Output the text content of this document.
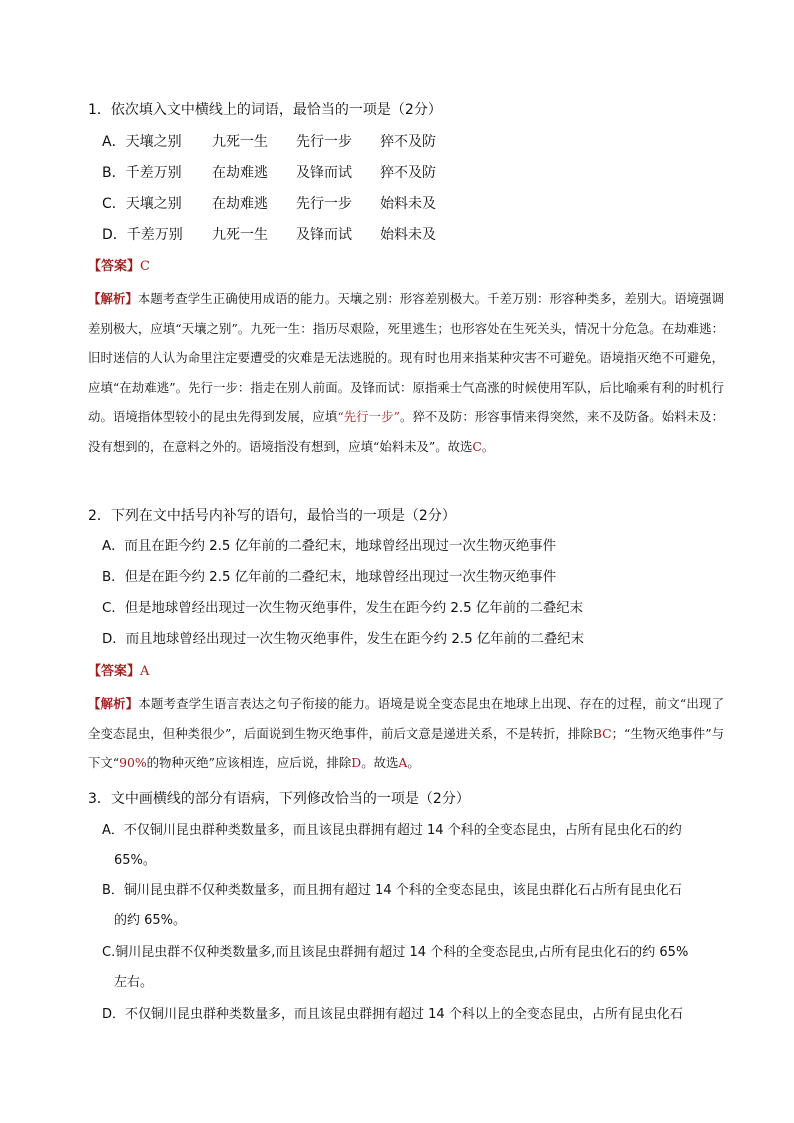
1．依次填入文中横线上的词语，最恰当的一项是（2分）
A．天壤之别	九死一生	先行一步	猝不及防
B．千差万别	在劫难逃	及锋而试	猝不及防
C．天壤之别	在劫难逃	先行一步	始料未及
D．千差万别	九死一生	及锋而试	始料未及
【答案】C
【解析】本题考查学生正确使用成语的能力。天壤之别：形容差别极大。千差万别：形容种类多，差别大。语境强调差别极大，应填“天壤之别”。九死一生：指历尽艰险，死里逃生；也形容处在生死关头，情况十分危急。在劫难逃：旧时迷信的人认为命里注定要遭受的灾难是无法逃脱的。现有时也用来指某种灾害不可避免。语境指灭绝不可避免，应填“在劫难逃”。先行一步：指走在别人前面。及锋而试：原指乘士气高涨的时候使用军队，后比喻乘有利的时机行动。语境指体型较小的昆虫先得到发展，应填“先行一步”。猝不及防：形容事情来得突然，来不及防备。始料未及：没有想到的，在意料之外的。语境指没有想到，应填“始料未及”。故选C。
2．下列在文中括号内补写的语句，最恰当的一项是（2分）
A．而且在距今约 2.5 亿年前的二叠纪末，地球曾经出现过一次生物灭绝事件
B．但是在距今约 2.5 亿年前的二叠纪末，地球曾经出现过一次生物灭绝事件
C．但是地球曾经出现过一次生物灭绝事件，发生在距今约 2.5 亿年前的二叠纪末
D．而且地球曾经出现过一次生物灭绝事件，发生在距今约 2.5 亿年前的二叠纪末
【答案】A
【解析】本题考查学生语言表达之句子衔接的能力。语境是说全变态昆虫在地球上出现、存在的过程，前文“出现了全变态昆虫，但种类很少”，后面说到生物灭绝事件，前后文意是递进关系，不是转折，排除BC；“生物灭绝事件”与下文“90%的物种灭绝”应该相连，应后说，排除D。故选A。
3．文中画横线的部分有语病，下列修改恰当的一项是（2分）
A．不仅铜川昆虫群种类数量多，而且该昆虫群拥有超过 14 个科的全变态昆虫，占所有昆虫化石的约
65%。
B．铜川昆虫群不仅种类数量多，而且拥有超过 14 个科的全变态昆虫，该昆虫群化石占所有昆虫化石
的约 65%。
C.铜川昆虫群不仅种类数量多,而且该昆虫群拥有超过 14 个科的全变态昆虫,占所有昆虫化石的约 65%
左右。
D．不仅铜川昆虫群种类数量多，而且该昆虫群拥有超过 14 个科以上的全变态昆虫，占所有昆虫化石
